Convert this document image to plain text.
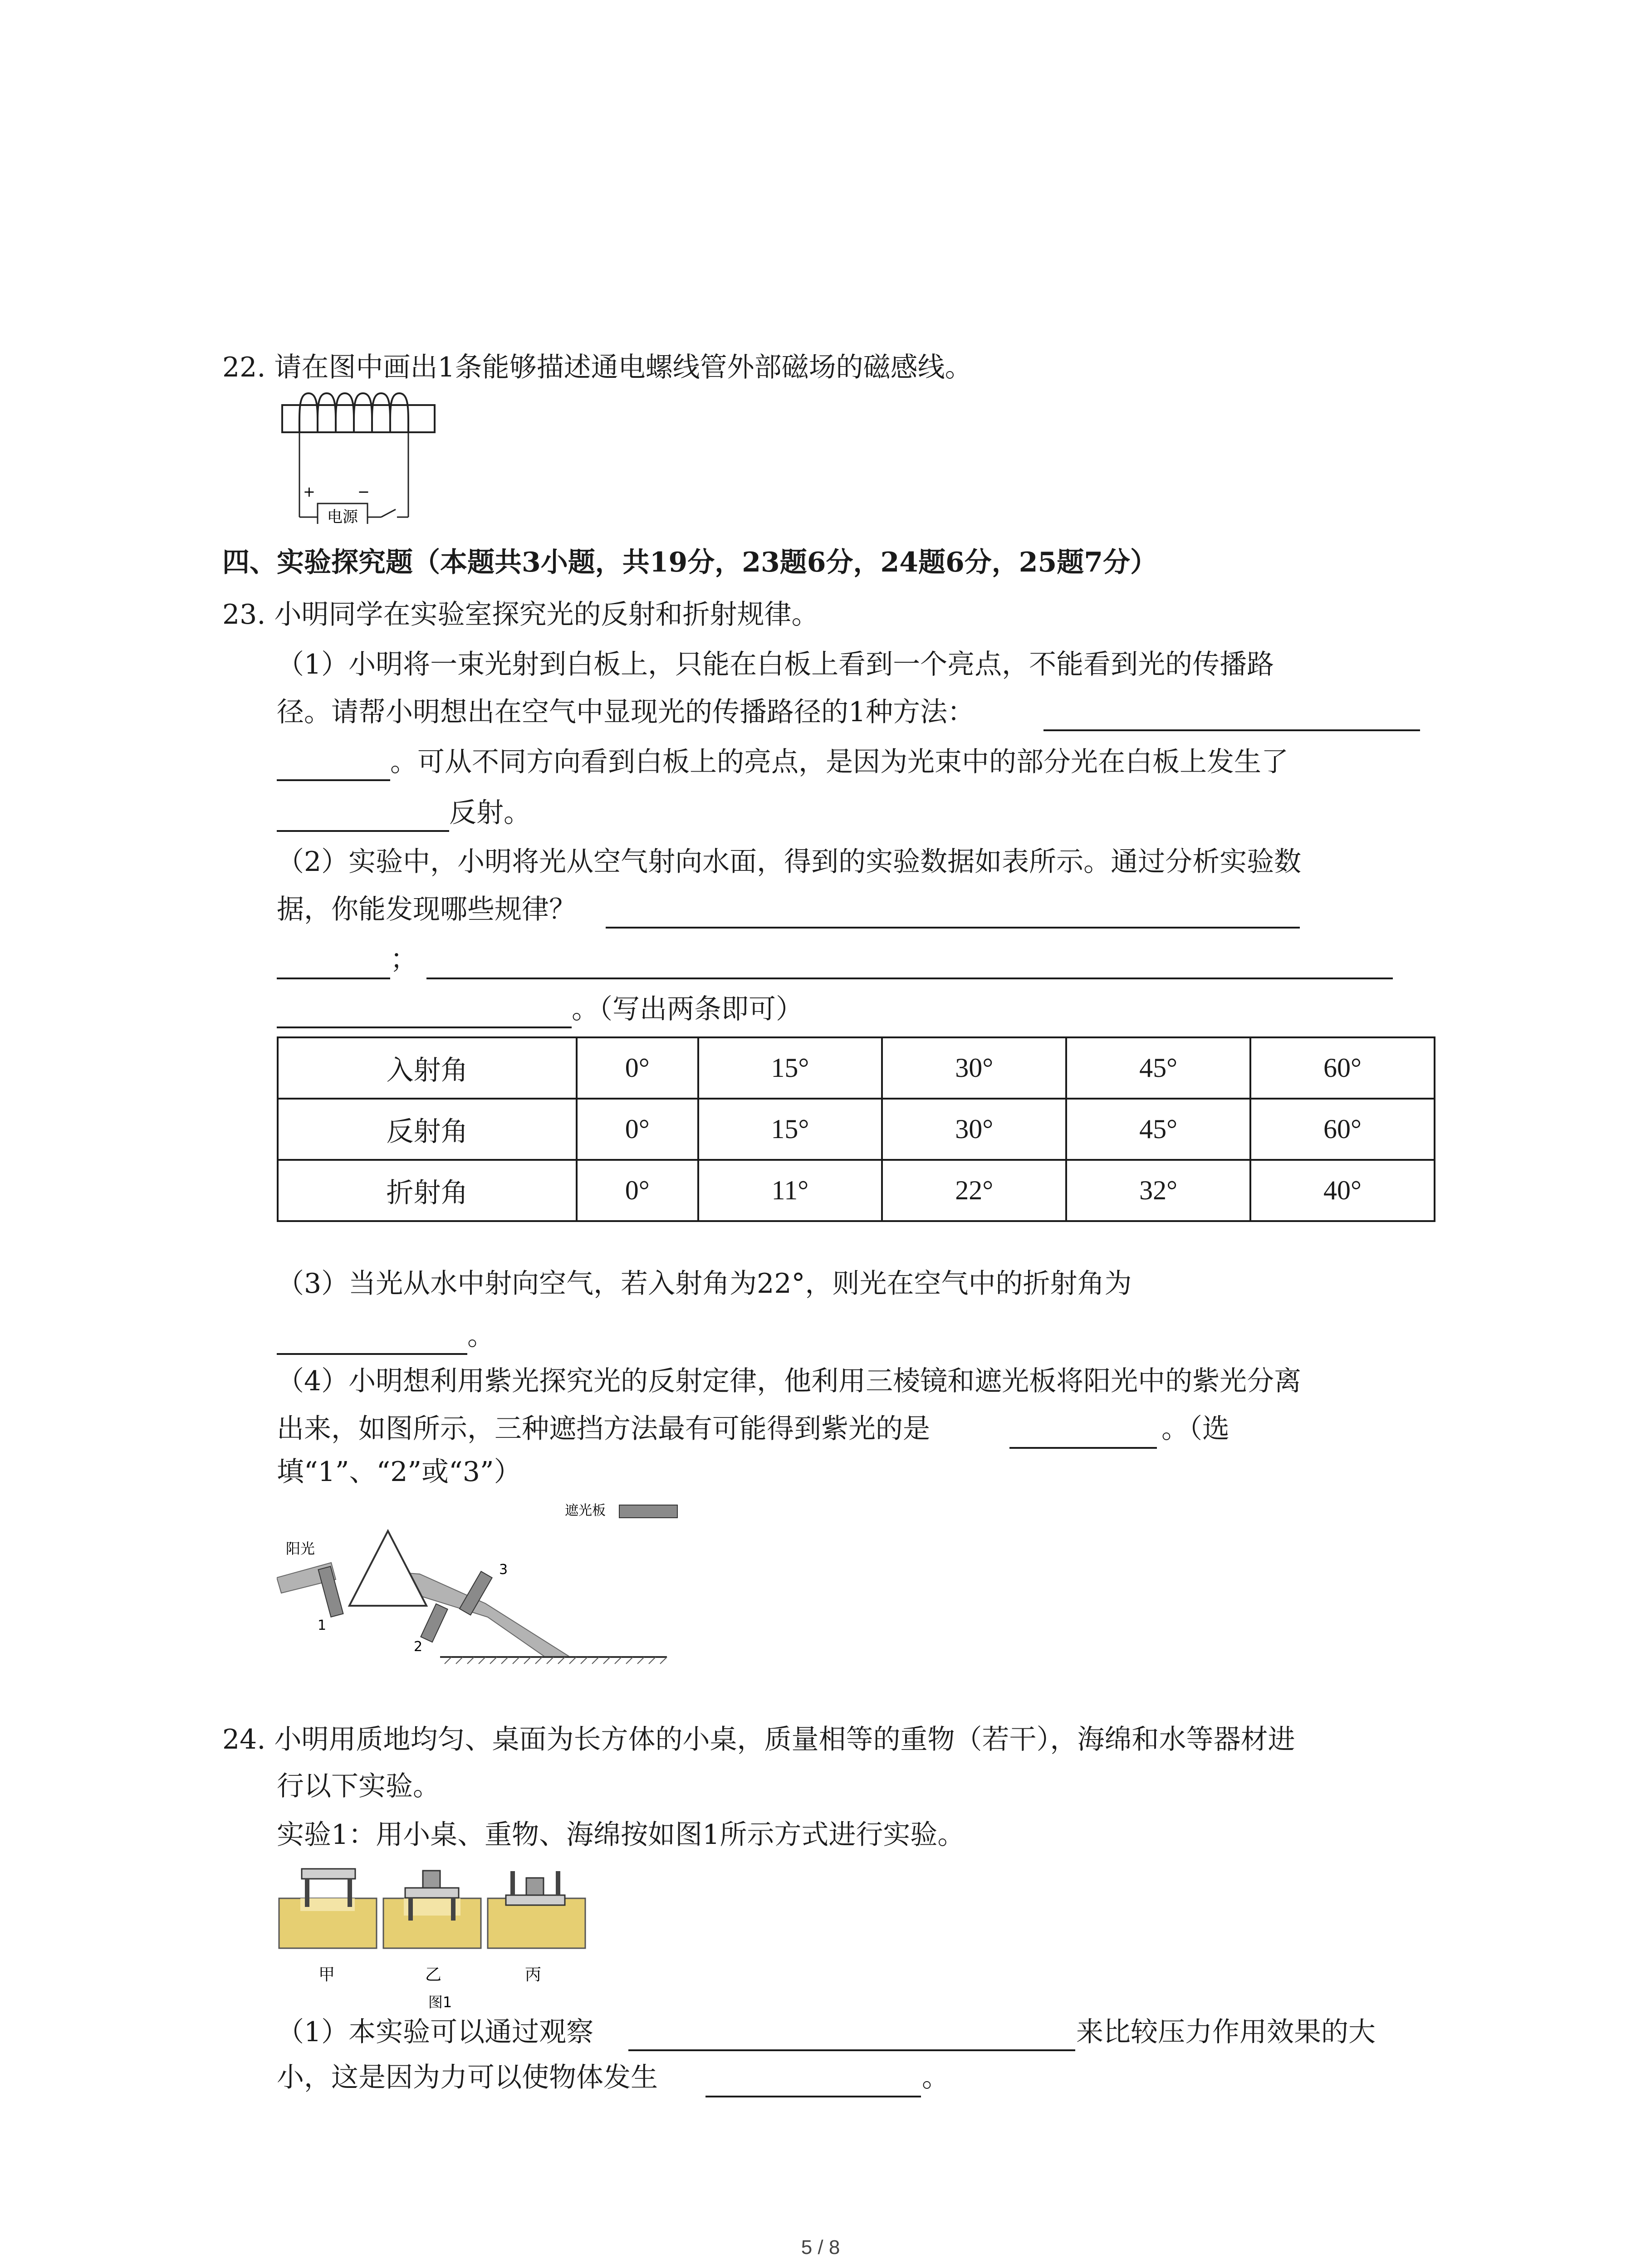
22. 请在图中画出1条能够描述通电螺线管外部磁场的磁感线。
电源
+	−
四、实验探究题（本题共3小题，共19分，23题6分，24题6分，25题7分）
23. 小明同学在实验室探究光的反射和折射规律。
（1）小明将一束光射到白板上，只能在白板上看到一个亮点，不能看到光的传播路
径。请帮小明想出在空气中显现光的传播路径的1种方法：
。可从不同方向看到白板上的亮点，是因为光束中的部分光在白板上发生了
反射。
（2）实验中，小明将光从空气射向水面，得到的实验数据如表所示。通过分析实验数
据，你能发现哪些规律？
；
。（写出两条即可）
入射角	0°	15°	30°	45°	60°
反射角	0°	15°	30°	45°	60°
折射角	0°	11°	22°	32°	40°
（3）当光从水中射向空气，若入射角为22°，则光在空气中的折射角为
。
（4）小明想利用紫光探究光的反射定律，他利用三棱镜和遮光板将阳光中的紫光分离
出来，如图所示，三种遮挡方法最有可能得到紫光的是	。（选
填“1”、“2”或“3”）
遮光板
阳光
1
2
3
24. 小明用质地均匀、桌面为长方体的小桌，质量相等的重物（若干），海绵和水等器材进
行以下实验。
实验1：用小桌、重物、海绵按如图1所示方式进行实验。
甲	乙	丙
图1
（1）本实验可以通过观察	来比较压力作用效果的大
小，这是因为力可以使物体发生	。
5 / 8
